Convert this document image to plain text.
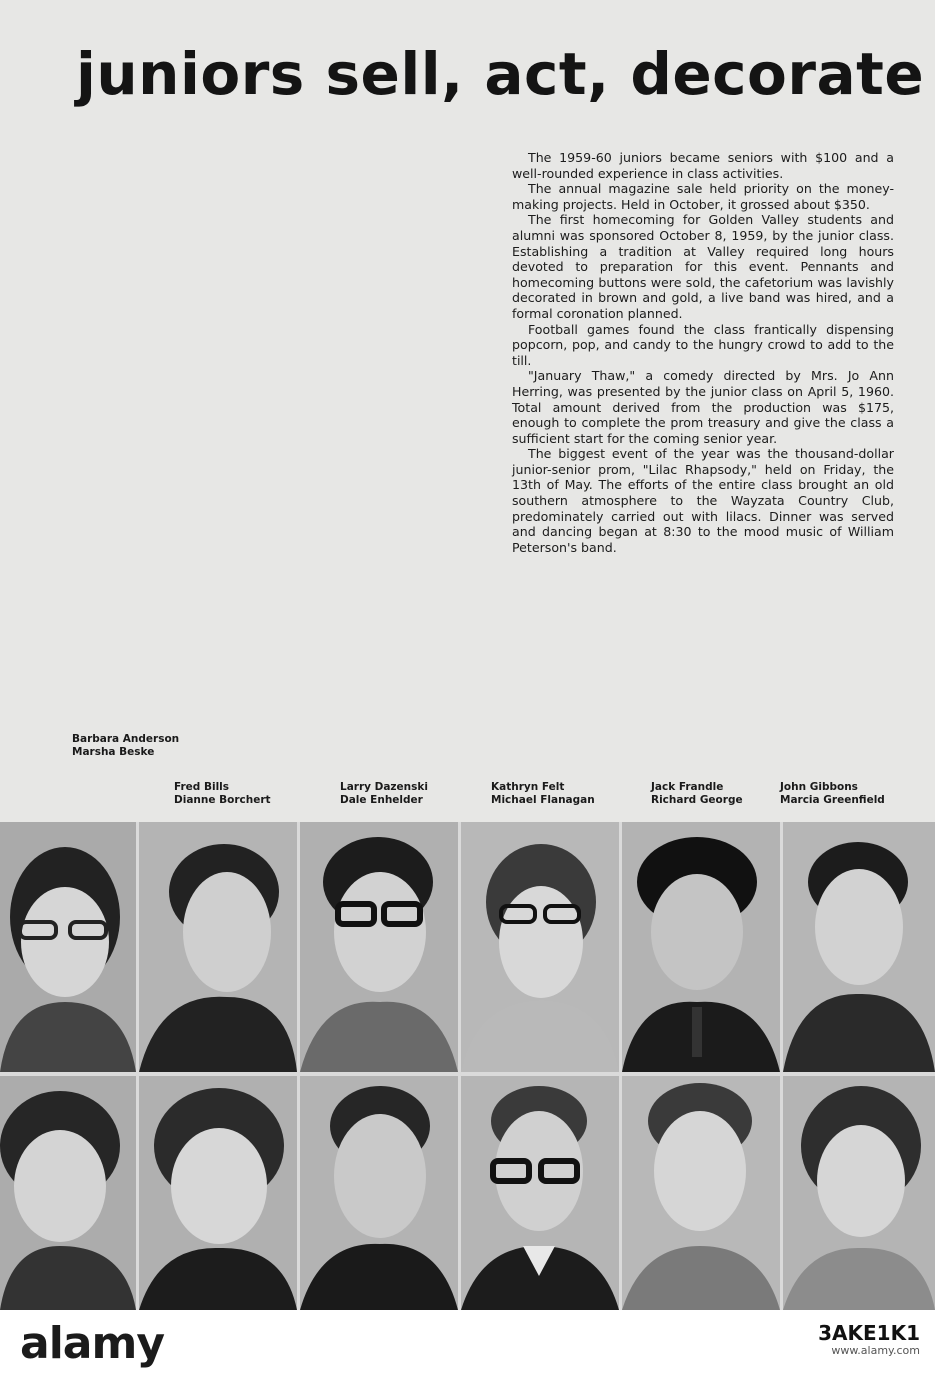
juniors sell, act, decorate

The 1959-60 juniors became seniors with $100 and a well-rounded experience in class activities.

The annual magazine sale held priority on the money-making projects. Held in October, it grossed about $350.

The first homecoming for Golden Valley students and alumni was sponsored October 8, 1959, by the junior class. Establishing a tradition at Valley required long hours devoted to preparation for this event. Pennants and homecoming buttons were sold, the cafetorium was lavishly decorated in brown and gold, a live band was hired, and a formal coronation planned.

Football games found the class frantically dispensing popcorn, pop, and candy to the hungry crowd to add to the till.

"January Thaw," a comedy directed by Mrs. Jo Ann Herring, was presented by the junior class on April 5, 1960. Total amount derived from the production was $175, enough to complete the prom treasury and give the class a sufficient start for the coming senior year.

The biggest event of the year was the thousand-dollar junior-senior prom, "Lilac Rhapsody," held on Friday, the 13th of May. The efforts of the entire class brought an old southern atmosphere to the Wayzata Country Club, predominately carried out with lilacs. Dinner was served and dancing began at 8:30 to the mood music of William Peterson's band.

Barbara Anderson
Marsha Beske
Fred Bills
Dianne Borchert
Larry Dazenski
Dale Enhelder
Kathryn Felt
Michael Flanagan
Jack Frandle
Richard George
John Gibbons
Marcia Greenfield
alamy	3AKE1K1
www.alamy.com
